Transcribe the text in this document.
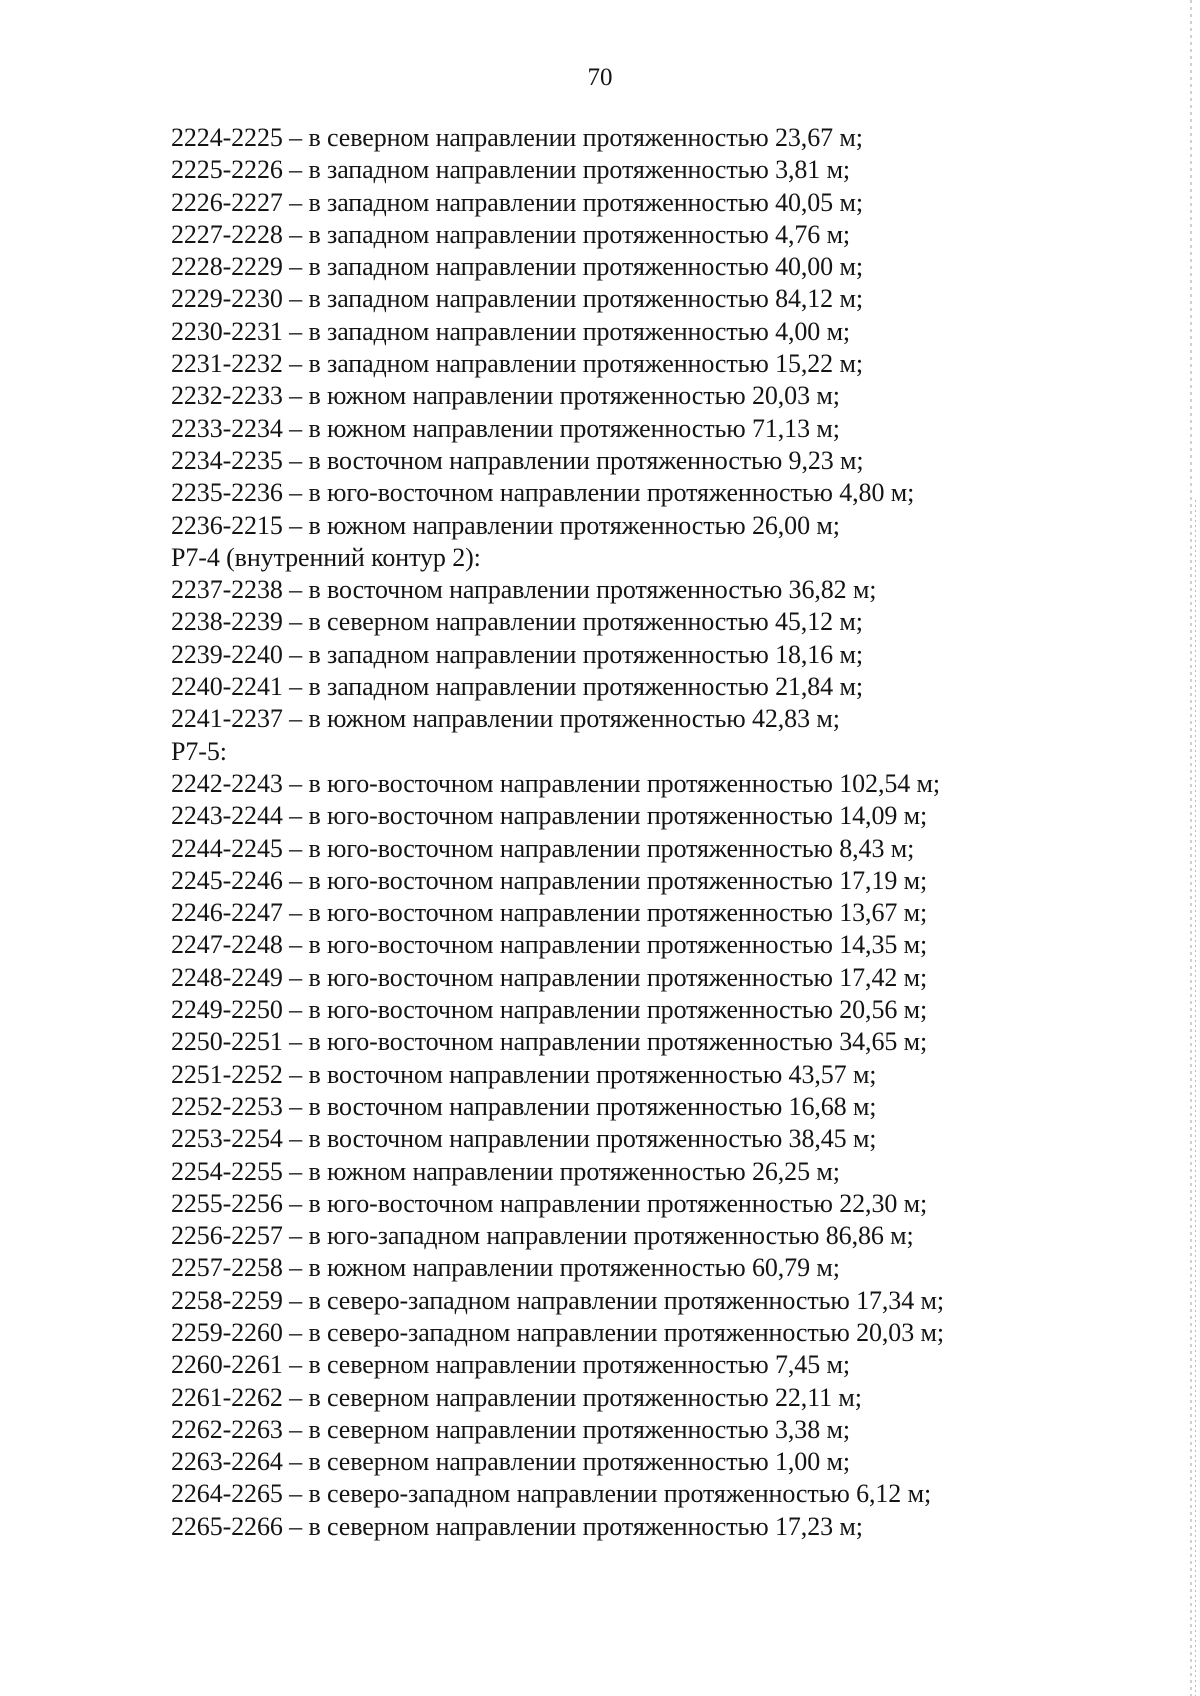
70
2224-2225 – в северном направлении протяженностью 23,67 м;
2225-2226 – в западном направлении протяженностью 3,81 м;
2226-2227 – в западном направлении протяженностью 40,05 м;
2227-2228 – в западном направлении протяженностью 4,76 м;
2228-2229 – в западном направлении протяженностью 40,00 м;
2229-2230 – в западном направлении протяженностью 84,12 м;
2230-2231 – в западном направлении протяженностью 4,00 м;
2231-2232 – в западном направлении протяженностью 15,22 м;
2232-2233 – в южном направлении протяженностью 20,03 м;
2233-2234 – в южном направлении протяженностью 71,13 м;
2234-2235 – в восточном направлении протяженностью 9,23 м;
2235-2236 – в юго-восточном направлении протяженностью 4,80 м;
2236-2215 – в южном направлении протяженностью 26,00 м;
Р7-4 (внутренний контур 2):
2237-2238 – в восточном направлении протяженностью 36,82 м;
2238-2239 – в северном направлении протяженностью 45,12 м;
2239-2240 – в западном направлении протяженностью 18,16 м;
2240-2241 – в западном направлении протяженностью 21,84 м;
2241-2237 – в южном направлении протяженностью 42,83 м;
Р7-5:
2242-2243 – в юго-восточном направлении протяженностью 102,54 м;
2243-2244 – в юго-восточном направлении протяженностью 14,09 м;
2244-2245 – в юго-восточном направлении протяженностью 8,43 м;
2245-2246 – в юго-восточном направлении протяженностью 17,19 м;
2246-2247 – в юго-восточном направлении протяженностью 13,67 м;
2247-2248 – в юго-восточном направлении протяженностью 14,35 м;
2248-2249 – в юго-восточном направлении протяженностью 17,42 м;
2249-2250 – в юго-восточном направлении протяженностью 20,56 м;
2250-2251 – в юго-восточном направлении протяженностью 34,65 м;
2251-2252 – в восточном направлении протяженностью 43,57 м;
2252-2253 – в восточном направлении протяженностью 16,68 м;
2253-2254 – в восточном направлении протяженностью 38,45 м;
2254-2255 – в южном направлении протяженностью 26,25 м;
2255-2256 – в юго-восточном направлении протяженностью 22,30 м;
2256-2257 – в юго-западном направлении протяженностью 86,86 м;
2257-2258 – в южном направлении протяженностью 60,79 м;
2258-2259 – в северо-западном направлении протяженностью 17,34 м;
2259-2260 – в северо-западном направлении протяженностью 20,03 м;
2260-2261 – в северном направлении протяженностью 7,45 м;
2261-2262 – в северном направлении протяженностью 22,11 м;
2262-2263 – в северном направлении протяженностью 3,38 м;
2263-2264 – в северном направлении протяженностью 1,00 м;
2264-2265 – в северо-западном направлении протяженностью 6,12 м;
2265-2266 – в северном направлении протяженностью 17,23 м;
